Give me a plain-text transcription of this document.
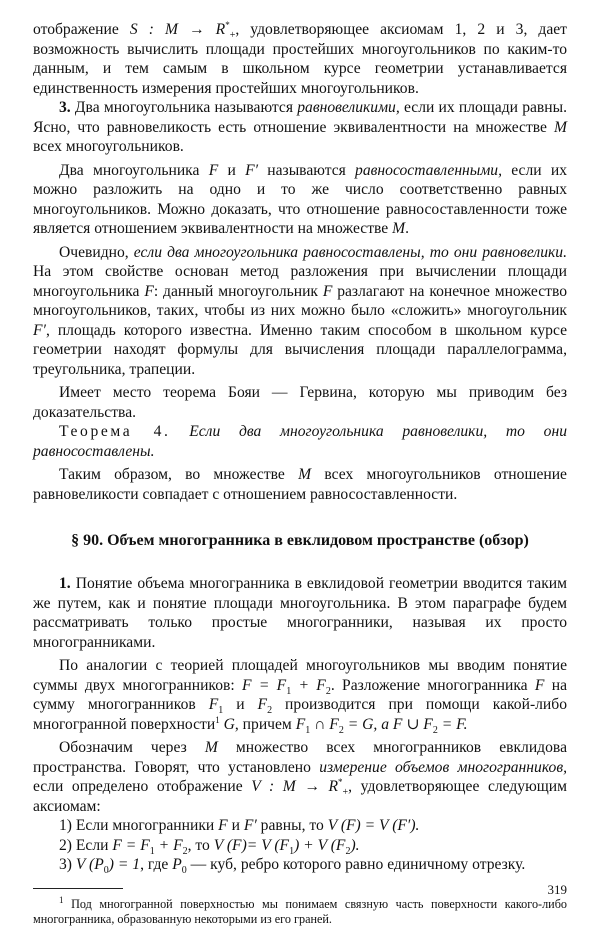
отображение S : $M \to R^*_+$, удовлетворяющее аксиомам 1, 2 и 3, дает возможность вычислить площади простейших многоугольников по каким-то данным, и тем самым в школьном курсе геометрии устанавливается единственность измерения простейших многоугольников.

3. Два многоугольника называются равновеликими, если их площади равны. Ясно, что равновеликость есть отношение эквивалентности на множестве M всех многоугольников.

Два многоугольника F и F′ называются равносоставленными, если их можно разложить на одно и то же число соответственно равных многоугольников. Можно доказать, что отношение равносоставленности тоже является отношением эквивалентности на множестве M.

Очевидно, если два многоугольника равносоставлены, то они равновелики. На этом свойстве основан метод разложения при вычислении площади многоугольника F: данный многоугольник F разлагают на конечное множество многоугольников, таких, чтобы из них можно было «сложить» многоугольник F′, площадь которого известна. Именно таким способом в школьном курсе геометрии находят формулы для вычисления площади параллелограмма, треугольника, трапеции.

Имеет место теорема Бояи — Гервина, которую мы приводим без доказательства.

Теорема 4. Если два многоугольника равновелики, то они равносоставлены.

Таким образом, во множестве M всех многоугольников отношение равновеликости совпадает с отношением равносоставленности.

§ 90. Объем многогранника в евклидовом пространстве (обзор)

1. Понятие объема многогранника в евклидовой геометрии вводится таким же путем, как и понятие площади многоугольника. В этом параграфе будем рассматривать только простые многогранники, называя их просто многогранниками.

По аналогии с теорией площадей многоугольников мы вводим понятие суммы двух многогранников: $F = F_1 + F_2$. Разложение многогранника F на сумму многогранников $F_1$ и $F_2$ производится при помощи какой-либо многогранной поверхности$^1$ G, причем $F_1$ ∩ $F_2 = G$, а F ∪ $F_2 = F$.

Обозначим через M множество всех многогранников евклидова пространства. Говорят, что установлено измерение объемов многогранников, если определено отображение V : $M \to R^*_+$, удовлетворяющее следующим аксиомам:

1) Если многогранники F и F′ равны, то V (F) = V (F′).

2) Если $F = F_1 + F_2$, то V (F)= V $(F_1) + V$ $(F_2)$.

3) V $(P_0) = 1$, где $P_0$ — куб, ребро которого равно единичному отрезку.

$^1$ Под многогранной поверхностью мы понимаем связную часть поверхности какого-либо многогранника, образованную некоторыми из его граней.

319
